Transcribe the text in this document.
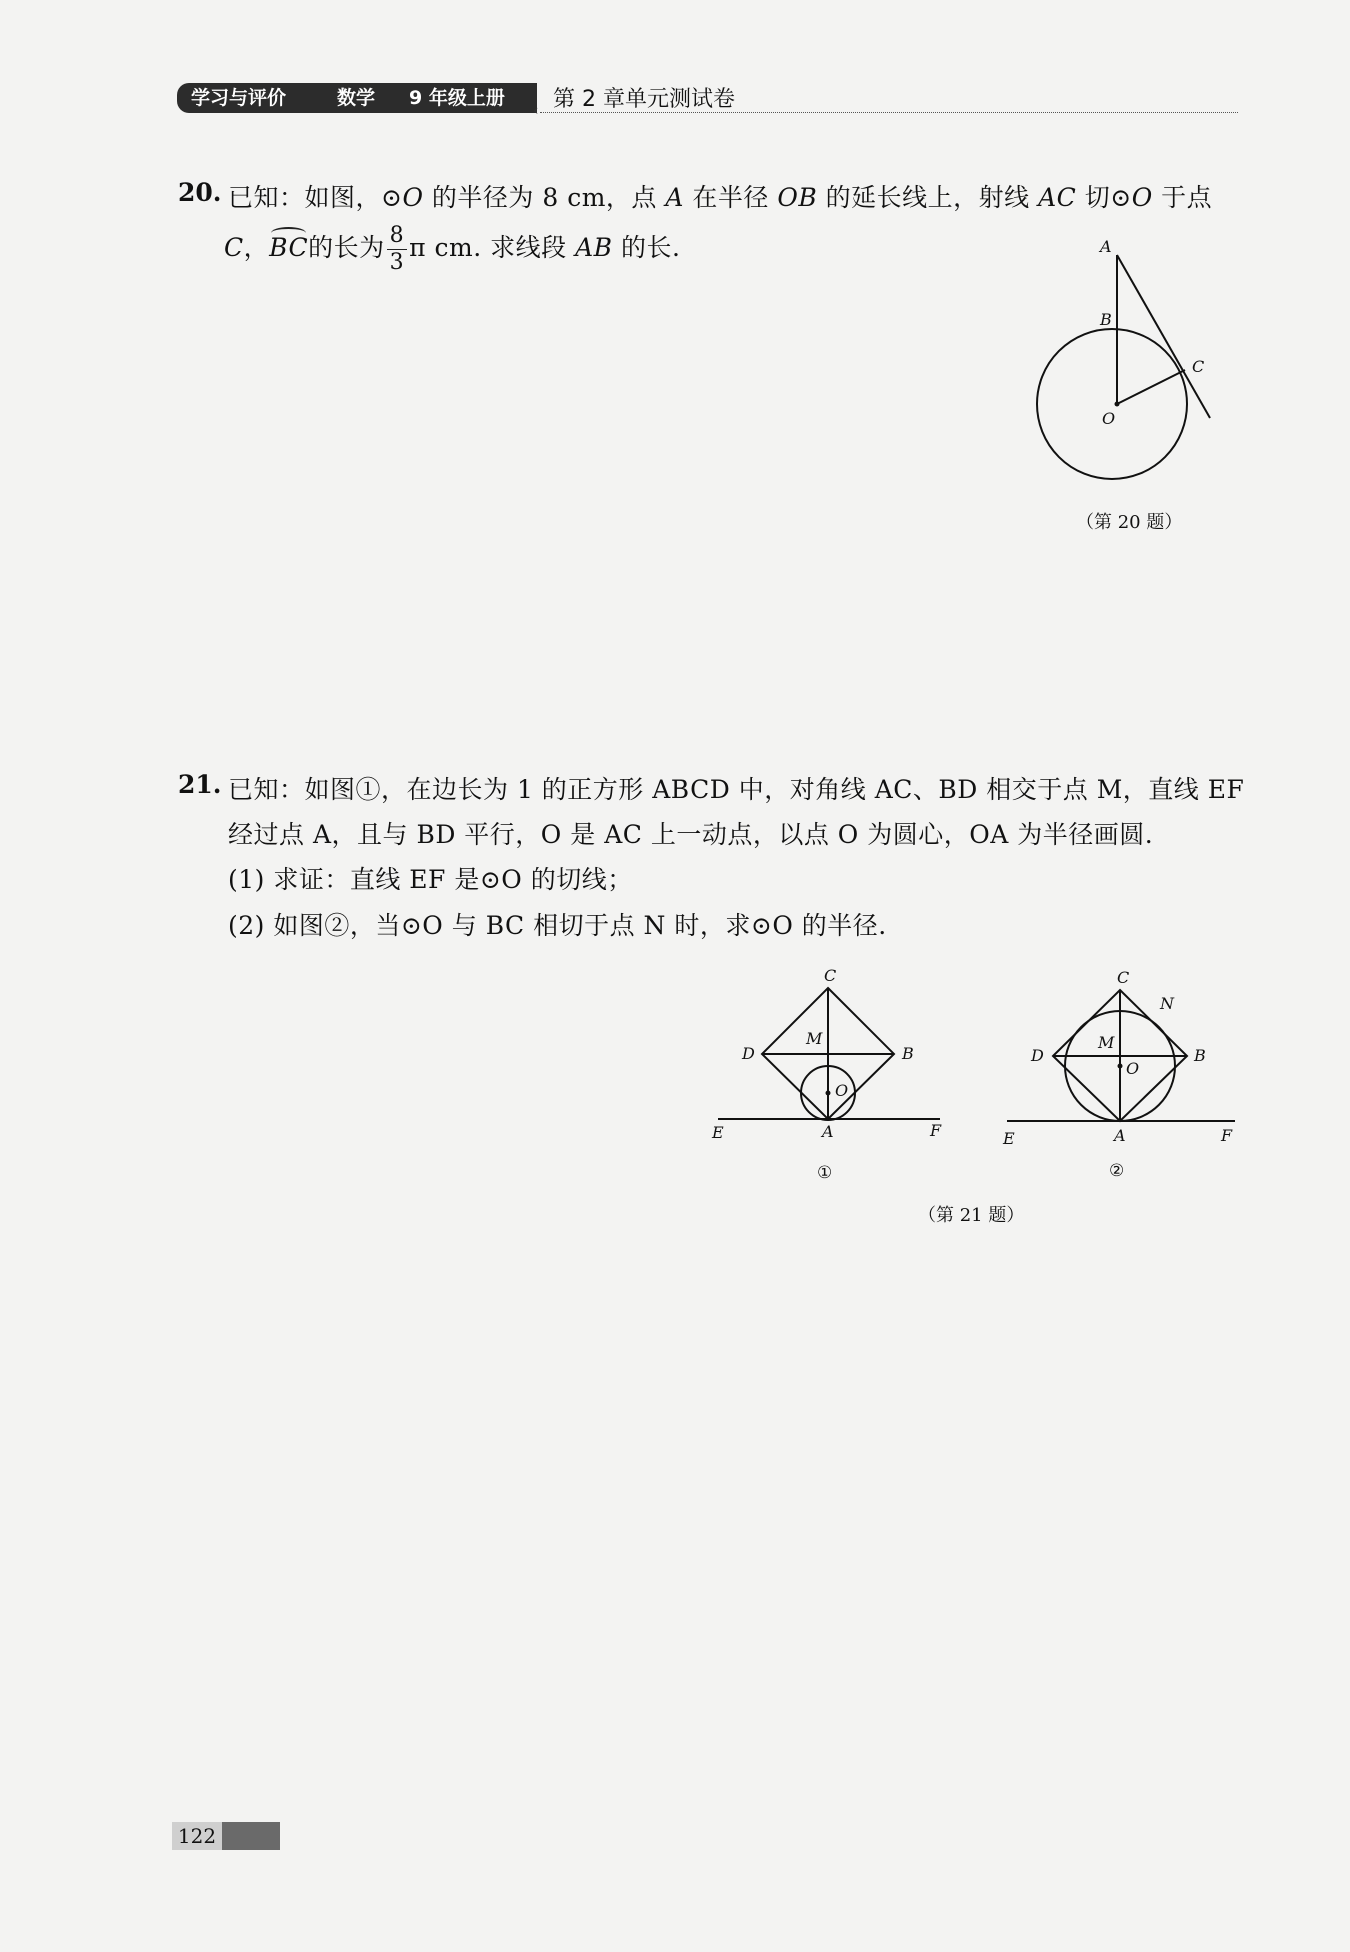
学习与评价	数学 9 年级上册
‹ 第 2 章单元测试卷
20. 已知：如图，⊙O 的半径为 8 cm，点 A 在半径 OB 的延长线上，射线 AC 切⊙O 于点
C，BC的长为 $\frac{8}{3}$ π cm. 求线段 AB 的长.	A
B
C
O
（第 20 题）
21. 已知：如图①，在边长为 1 的正方形 ABCD 中，对角线 AC、BD 相交于点 M，直线 EF
经过点 A，且与 BD 平行，O 是 AC 上一动点，以点 O 为圆心，OA 为半径画圆.
(1) 求证：直线 EF 是⊙O 的切线；
(2) 如图②，当⊙O 与 BC 相切于点 N 时，求⊙O 的半径.
C
D	B
M
O
E	A	F
①
C
N
D	B
M
O
E	A	F
②
（第 21 题）
122
